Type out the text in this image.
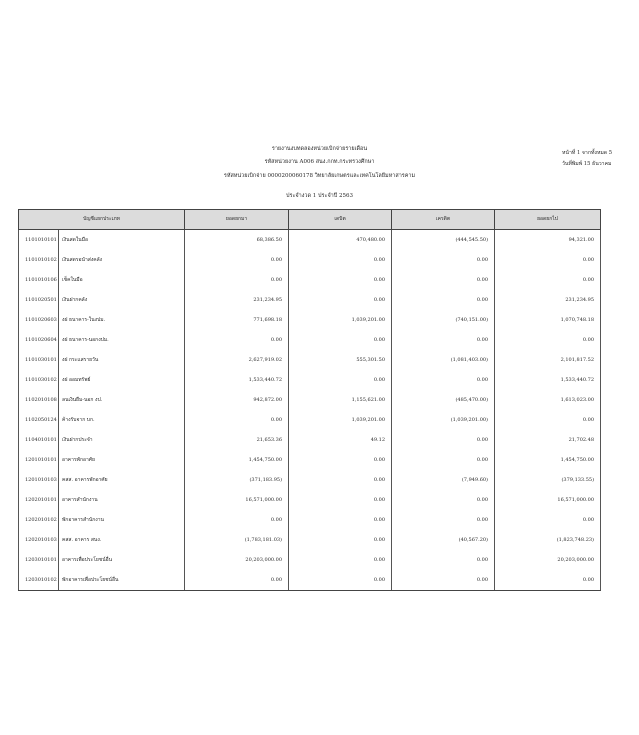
รายงานงบทดลองหน่วยเบิกจ่ายรายเดือน
รหัสหน่วยงาน A006 สนง.กกท.กระทรวงศึกษา
รหัสหน่วยเบิกจ่าย 0000200060178 วิทยาลัยเกษตรและเทคโนโลยีมหาสารคาม
ประจำงวด 1 ประจำปี 2563
หน้าที่ 1 จากทั้งหมด 5
วันที่พิมพ์ 15 ธันวาคม
บัญชีแยกประเภท		ยอดยกมา	เดบิต	เครดิต	ยอดยกไป
1101010101	เงินสดในมือ	68,386.50	470,480.00	(444,545.50)	94,321.00
1101010102	เงินสดรอนำส่งคลัง	0.00	0.00	0.00	0.00
1101010106	เช็คในมือ	0.00	0.00	0.00	0.00
1101020501	เงินฝากคลัง	231,234.95	0.00	0.00	231,234.95
1101020603	งฝ ธนาคาร-ในงปม.	771,698.18	1,039,201.00	(740,151.00)	1,070,748.18
1101020604	งฝ ธนาคาร-นอกงปม.	0.00	0.00	0.00	0.00
1101030101	งฝ กระแสรายวัน	2,627,919.02	555,301.50	(1,081,403.00)	2,101,817.52
1101030102	งฝ ออมทรัพย์	1,533,440.72	0.00	0.00	1,533,440.72
1102010108	ลนเงินยืม-นอก งป.	942,872.00	1,155,621.00	(485,470.00)	1,613,023.00
1102050124	ค้างรับจาก บก.	0.00	1,039,201.00	(1,039,201.00)	0.00
1104010101	เงินฝากประจำ	21,653.36	49.12	0.00	21,702.48
1201010101	อาคารพักอาศัย	1,454,750.00	0.00	0.00	1,454,750.00
1201010103	คสส. อาคารพักอาศัย	(371,183.95)	0.00	(7,949.60)	(379,133.55)
1202010101	อาคารสำนักงาน	16,571,000.00	0.00	0.00	16,571,000.00
1202010102	พักอาคารสำนักงาน	0.00	0.00	0.00	0.00
1202010103	คสส. อาคาร สนง.	(1,783,181.03)	0.00	(40,567.20)	(1,823,748.23)
1203010101	อาคารเพื่อประโยชน์อื่น	20,203,000.00	0.00	0.00	20,203,000.00
1203010102	พักอาคารเพื่อประโยชน์อื่น	0.00	0.00	0.00	0.00
